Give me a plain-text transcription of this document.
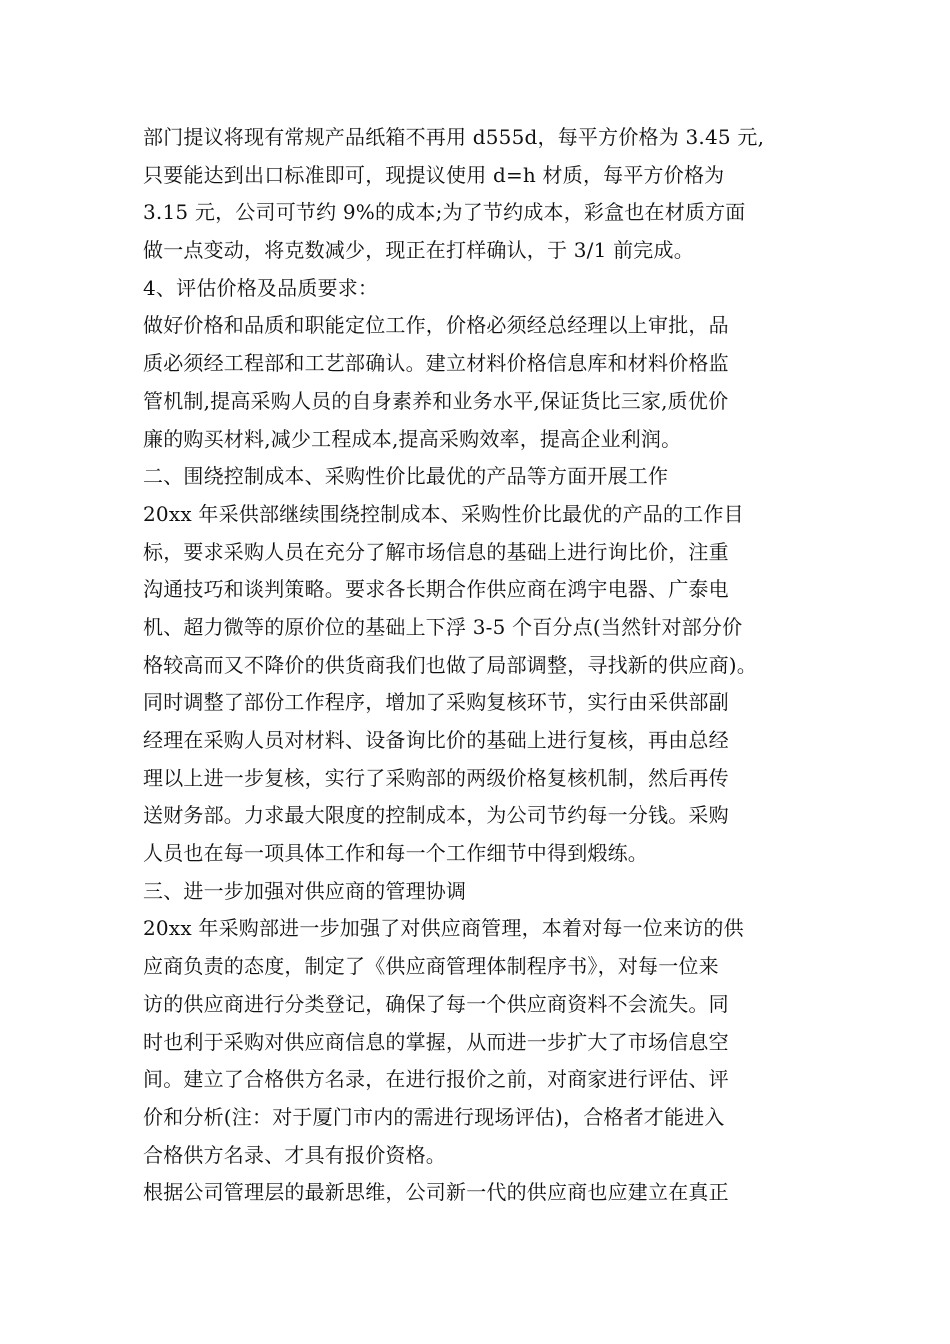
部门提议将现有常规产品纸箱不再用 d555d，每平方价格为 3.45 元,
只要能达到出口标准即可，现提议使用 d=h 材质，每平方价格为
3.15 元，公司可节约 9%的成本;为了节约成本，彩盒也在材质方面
做一点变动，将克数减少，现正在打样确认，于 3/1 前完成。
4、评估价格及品质要求：
做好价格和品质和职能定位工作，价格必须经总经理以上审批，品
质必须经工程部和工艺部确认。建立材料价格信息库和材料价格监
管机制,提高采购人员的自身素养和业务水平,保证货比三家,质优价
廉的购买材料,减少工程成本,提高采购效率，提高企业利润。
二、围绕控制成本、采购性价比最优的产品等方面开展工作
20xx 年采供部继续围绕控制成本、采购性价比最优的产品的工作目
标，要求采购人员在充分了解市场信息的基础上进行询比价，注重
沟通技巧和谈判策略。要求各长期合作供应商在鸿宇电器、广泰电
机、超力微等的原价位的基础上下浮 3-5 个百分点(当然针对部分价
格较高而又不降价的供货商我们也做了局部调整，寻找新的供应商)。
同时调整了部份工作程序，增加了采购复核环节，实行由采供部副
经理在采购人员对材料、设备询比价的基础上进行复核，再由总经
理以上进一步复核，实行了采购部的两级价格复核机制，然后再传
送财务部。力求最大限度的控制成本，为公司节约每一分钱。采购
人员也在每一项具体工作和每一个工作细节中得到煅练。
三、进一步加强对供应商的管理协调
20xx 年采购部进一步加强了对供应商管理，本着对每一位来访的供
应商负责的态度，制定了《供应商管理体制程序书》，对每一位来
访的供应商进行分类登记，确保了每一个供应商资料不会流失。同
时也利于采购对供应商信息的掌握，从而进一步扩大了市场信息空
间。建立了合格供方名录，在进行报价之前，对商家进行评估、评
价和分析(注：对于厦门市内的需进行现场评估)，合格者才能进入
合格供方名录、才具有报价资格。
根据公司管理层的最新思维，公司新一代的供应商也应建立在真正
